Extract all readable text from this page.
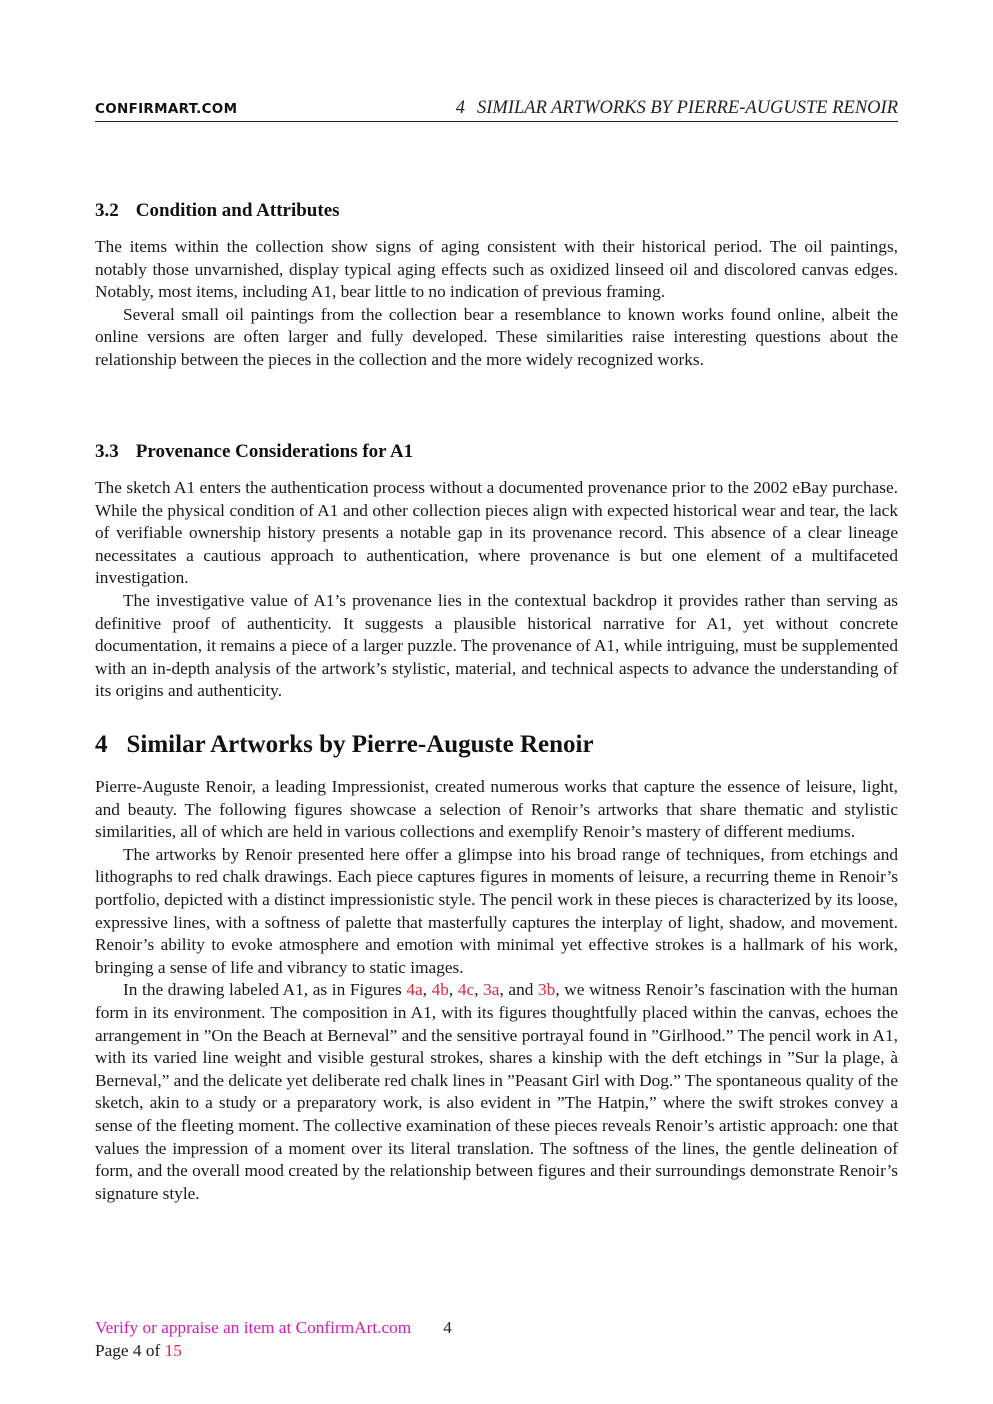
CONFIRMART.COM	4 SIMILAR ARTWORKS BY PIERRE-AUGUSTE RENOIR
3.2 Condition and Attributes

The items within the collection show signs of aging consistent with their historical period. The oil paintings, notably those unvarnished, display typical aging effects such as oxidized linseed oil and discolored canvas edges. Notably, most items, including A1, bear little to no indication of previous framing.

Several small oil paintings from the collection bear a resemblance to known works found online, albeit the online versions are often larger and fully developed. These similarities raise interesting questions about the relationship between the pieces in the collection and the more widely recognized works.

3.3 Provenance Considerations for A1

The sketch A1 enters the authentication process without a documented provenance prior to the 2002 eBay purchase. While the physical condition of A1 and other collection pieces align with expected historical wear and tear, the lack of verifiable ownership history presents a notable gap in its provenance record. This absence of a clear lineage necessitates a cautious approach to authentication, where provenance is but one element of a multifaceted investigation.

The investigative value of A1’s provenance lies in the contextual backdrop it provides rather than serving as definitive proof of authenticity. It suggests a plausible historical narrative for A1, yet without concrete documentation, it remains a piece of a larger puzzle. The provenance of A1, while intriguing, must be supplemented with an in-depth analysis of the artwork’s stylistic, material, and technical aspects to advance the understanding of its origins and authenticity.

4 Similar Artworks by Pierre-Auguste Renoir

Pierre-Auguste Renoir, a leading Impressionist, created numerous works that capture the essence of leisure, light, and beauty. The following figures showcase a selection of Renoir’s artworks that share thematic and stylistic similarities, all of which are held in various collections and exemplify Renoir’s mastery of different mediums.

The artworks by Renoir presented here offer a glimpse into his broad range of techniques, from etchings and lithographs to red chalk drawings. Each piece captures figures in moments of leisure, a recurring theme in Renoir’s portfolio, depicted with a distinct impressionistic style. The pencil work in these pieces is characterized by its loose, expressive lines, with a softness of palette that masterfully captures the interplay of light, shadow, and movement. Renoir’s ability to evoke atmosphere and emotion with minimal yet effective strokes is a hallmark of his work, bringing a sense of life and vibrancy to static images.

In the drawing labeled A1, as in Figures 4a, 4b, 4c, 3a, and 3b, we witness Renoir’s fascination with the human form in its environment. The composition in A1, with its figures thoughtfully placed within the canvas, echoes the arrangement in ”On the Beach at Berneval” and the sensitive portrayal found in ”Girlhood.” The pencil work in A1, with its varied line weight and visible gestural strokes, shares a kinship with the deft etchings in ”Sur la plage, à Berneval,” and the delicate yet deliberate red chalk lines in ”Peasant Girl with Dog.” The spontaneous quality of the sketch, akin to a study or a preparatory work, is also evident in ”The Hatpin,” where the swift strokes convey a sense of the fleeting moment. The collective examination of these pieces reveals Renoir’s artistic approach: one that values the impression of a moment over its literal translation. The softness of the lines, the gentle delineation of form, and the overall mood created by the relationship between figures and their surroundings demonstrate Renoir’s signature style.

Verify or appraise an item at ConfirmArt.com 4
Page 4 of 15
